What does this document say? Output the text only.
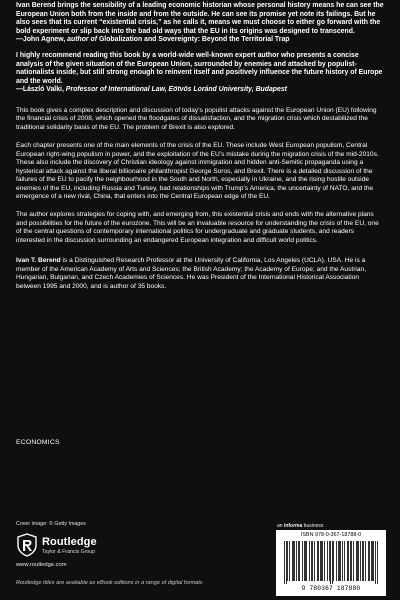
Ivan Berend brings the sensibility of a leading economic historian whose personal history means he can see the European Union both from the inside and from the outside. He can see its promise yet note its failings. But he also sees that its current “existential crisis,” as he calls it, means we must choose to either go forward with the bold experiment or slip back into the bad old ways that the EU in its origins was designed to transcend.

—John Agnew, author of Globalization and Sovereignty: Beyond the Territorial Trap

I highly recommend reading this book by a world-wide well-known expert author who presents a concise analysis of the given situation of the European Union, surrounded by enemies and attacked by populist-nationalists inside, but still strong enough to reinvent itself and positively influence the future history of Europe and the world.

—László Valki, Professor of International Law, Eötvös Loránd University, Budapest

This book gives a complex description and discussion of today’s populist attacks against the European Union (EU) following the financial crisis of 2008, which opened the floodgates of dissatisfaction, and the migration crisis which destabilized the traditional solidarity basis of the EU. The problem of Brexit is also explored.

Each chapter presents one of the main elements of the crisis of the EU. These include West European populism, Central European right-wing populism in power, and the exploitation of the EU’s mistake during the migration crisis of the mid-2010s. These also include the discovery of Christian ideology against immigration and hidden anti-Semitic propaganda using a hysterical attack against the liberal billionaire philanthropist George Soros, and Brexit. There is a detailed discussion of the failures of the EU to pacify the neighbourhood in the South and North, especially in Ukraine, and the rising hostile outside enemies of the EU, including Russia and Turkey, bad relationships with Trump’s America, the uncertainty of NATO, and the emergence of a new rival, China, that enters into the Central European edge of the EU.

The author explores strategies for coping with, and emerging from, this existential crisis and ends with the alternative plans and possibilities for the future of the eurozone. This will be an invaluable resource for understanding the crisis of the EU, one of the central questions of contemporary international politics for undergraduate and graduate students, and readers interested in the discussion surrounding an endangered European integration and difficult world politics.

Ivan T. Berend is a Distinguished Research Professor at the University of California, Los Angeles (UCLA), USA. He is a member of the American Academy of Arts and Sciences; the British Academy; the Academy of Europe; and the Austrian, Hungarian, Bulgarian, and Czech Academies of Sciences. He was President of the International Historical Association between 1995 and 2000, and is author of 35 books.

ECONOMICS
Cover image: © Getty Images
Routledge
Taylor & Francis Group
www.routledge.com
Routledge titles are available as eBook editions in a range of digital formats
an informa business
ISBN 978-0-367-18788-0
9 780367 187880
